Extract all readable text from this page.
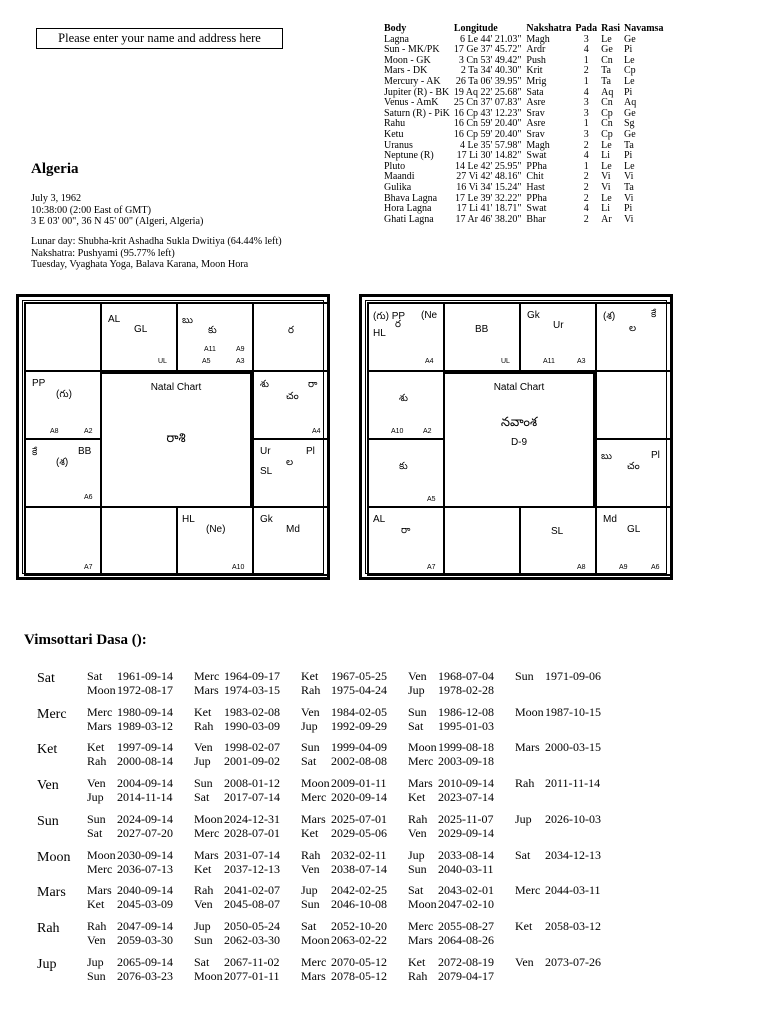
Please enter your name and address here
Algeria
July 3, 1962
10:38:00 (2:00 East of GMT)
3 E 03' 00", 36 N 45' 00" (Algeri, Algeria)
Lunar day: Shubha-krit Ashadha Sukla Dwitiya (64.44% left)
Nakshatra: Pushyami (95.77% left)
Tuesday, Vyaghata Yoga, Balava Karana, Moon Hora
Body	Longitude	Nakshatra	Pada	Rasi	Navamsa
Lagna	6 Le 44' 21.03"	Magh	3	Le	Ge
Sun - MK/PK	17 Ge 37' 45.72"	Ardr	4	Ge	Pi
Moon - GK	3 Cn 53' 49.42"	Push	1	Cn	Le
Mars - DK	2 Ta 34' 40.30"	Krit	2	Ta	Cp
Mercury - AK	26 Ta 06' 39.95"	Mrig	1	Ta	Le
Jupiter (R) - BK	19 Aq 22' 25.68"	Sata	4	Aq	Pi
Venus - AmK	25 Cn 37' 07.83"	Asre	3	Cn	Aq
Saturn (R) - PiK	16 Cp 43' 12.23"	Srav	3	Cp	Ge
Rahu	16 Cn 59' 20.40"	Asre	1	Cn	Sg
Ketu	16 Cp 59' 20.40"	Srav	3	Cp	Ge
Uranus	4 Le 35' 57.98"	Magh	2	Le	Ta
Neptune (R)	17 Li 30' 14.82"	Swat	4	Li	Pi
Pluto	14 Le 42' 25.95"	PPha	1	Le	Le
Maandi	27 Vi 42' 48.16"	Chit	2	Vi	Vi
Gulika	16 Vi 34' 15.24"	Hast	2	Vi	Ta
Bhava Lagna	17 Le 39' 32.22"	PPha	2	Le	Vi
Hora Lagna	17 Li 41' 18.71"	Swat	4	Li	Pi
Ghati Lagna	17 Ar 46' 38.20"	Bhar	2	Ar	Vi
Natal Chart
రాశి
AL
GL
UL
బు
కు
A11	A9
A5	A3
ర
PP
(గు)
A8	A2
శు	రా
చం
A4
కే	BB
(శ)
A6
Ur	Pl
ల
SL
A7
HL
(Ne)
A10
Gk
Md
Natal Chart
నవాంశ
D-9
(గు) PP (Ne
ర
HL
A4
BB
UL
Gk
Ur
A11	A3
(శ)	కే
ల
శు
A10	A2
కు
A5
బు	Pl
చం
AL
రా
A7
SL
A8
Md
GL
A9	A6
Vimsottari Dasa ():
Sat	Sat 1961-09-14 Merc 1964-09-17 Ket 1967-05-25 Ven 1968-07-04 Sun 1971-09-06
Moon1972-08-17 Mars 1974-03-15 Rah 1975-04-24 Jup 1978-02-28
Merc Merc 1980-09-14 Ket 1983-02-08 Ven 1984-02-05 Sun 1986-12-08 Moon1987-10-15
Mars 1989-03-12 Rah 1990-03-09 Jup 1992-09-29 Sat 1995-01-03
Ket Ket 1997-09-14 Ven 1998-02-07 Sun 1999-04-09 Moon1999-08-18 Mars 2000-03-15
Rah 2000-08-14 Jup 2001-09-02 Sat 2002-08-08 Merc 2003-09-18
Ven Ven 2004-09-14 Sun 2008-01-12 Moon2009-01-11 Mars 2010-09-14 Rah 2011-11-14
Jup 2014-11-14 Sat 2017-07-14 Merc 2020-09-14 Ket 2023-07-14
Sun Sun 2024-09-14 Moon2024-12-31 Mars 2025-07-01 Rah 2025-11-07 Jup 2026-10-03
Sat 2027-07-20 Merc 2028-07-01 Ket 2029-05-06 Ven 2029-09-14
Moon Moon2030-09-14 Mars 2031-07-14 Rah 2032-02-11 Jup 2033-08-14 Sat 2034-12-13
Merc 2036-07-13 Ket 2037-12-13 Ven 2038-07-14 Sun 2040-03-11
Mars Mars 2040-09-14 Rah 2041-02-07 Jup 2042-02-25 Sat 2043-02-01 Merc 2044-03-11
Ket 2045-03-09 Ven 2045-08-07 Sun 2046-10-08 Moon2047-02-10
Rah Rah 2047-09-14 Jup 2050-05-24 Sat 2052-10-20 Merc 2055-08-27 Ket 2058-03-12
Ven 2059-03-30 Sun 2062-03-30 Moon2063-02-22 Mars 2064-08-26
Jup	Jup 2065-09-14 Sat 2067-11-02 Merc 2070-05-12 Ket 2072-08-19 Ven 2073-07-26
Sun 2076-03-23 Moon2077-01-11 Mars 2078-05-12 Rah 2079-04-17
